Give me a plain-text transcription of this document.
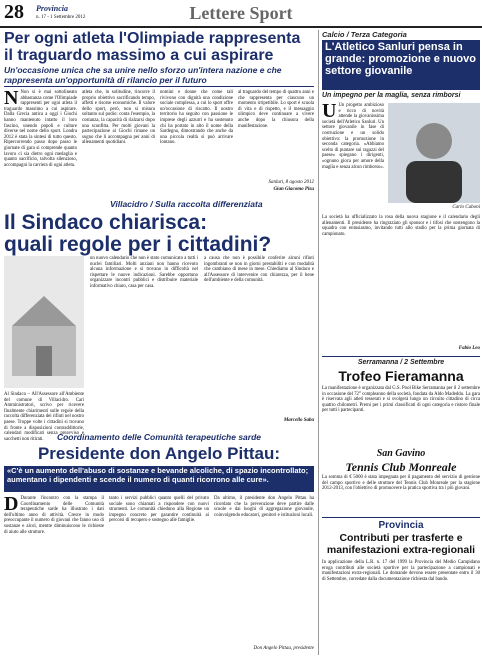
28 Provincia
n. 17 - 1 Settembre 2012	Lettere Sport
Per ogni atleta l'Olimpiade rappresenta
il traguardo massimo a cui aspirare
Un'occasione unica che sa unire nello sforzo un'intera nazione e che rappresenta un'opportunità di rilancio per il futuro
N Non si è mai sottolineato abbastanza come l'Olimpiade rappresenti per ogni atleta il traguardo massimo a cui aspirare. Dalla Grecia antica a oggi i Giochi hanno mantenuto intatto il loro fascino, unendo popoli e culture diverse nel nome dello sport. Londra 2012 è stata la sintesi di tutto questo. Ripercorrendo passo dopo passo le giornate di gara si comprende quanto lavoro ci sia dietro ogni medaglia e quanto sacrificio, talvolta silenzioso, accompagni la carriera di ogni atleta.
atleta che, in solitudine, rincorre il proprio obiettivo sacrificando tempo, affetti e risorse economiche. Il valore dello sport, però, non si misura soltanto sul podio: conta l'esempio, la costanza, la capacità di rialzarsi dopo una sconfitta. Per molti giovani la partecipazione ai Giochi rimane un sogno che li accompagna per anni di allenamenti quotidiani.
nomini e donne che come tali rivivono con dignità una condizione sociale complessa, a cui lo sport offre un'occasione di riscatto. Il nostro territorio ha seguito con passione le imprese degli azzurri e ha sostenuto chi ha portato in alto il nome della Sardegna, dimostrando che anche da una piccola realtà si può arrivare lontano.
al traguardo del tempo di quattro anni e che rappresenta per ciascuno un momento irripetibile. Lo sport è scuola di vita e di rispetto, e il messaggio olimpico deve continuare a vivere anche dopo la chiusura della manifestazione.
Sanluri, 8 agosto 2012
Gian Giacomo Pisu
Villacidro / Sulla raccolta differenziata
Il Sindaco chiarisca:
quali regole per i cittadini?
Al Sindaco – All'Assessore all'Ambiente del comune di Villacidro. Cari Amministratori, scrivo per ricevere finalmente chiarimenti sulle regole della raccolta differenziata dei rifiuti nel nostro paese. Troppe volte i cittadini si trovano di fronte a disposizioni contraddittorie, calendari modificati senza preavviso e sacchetti non ritirati.
un nuovo calendario che non è stato comunicato a tutti i nuclei familiari. Molti anziani non hanno ricevuto alcuna informazione e si trovano in difficoltà nel rispettare le nuove indicazioni. Sarebbe opportuno organizzare incontri pubblici e distribuire materiale informativo chiaro, casa per casa.
a causa che non è possibile conferire alcuni rifiuti ingombranti se non in giorni prestabiliti e con modalità che cambiano di mese in mese. Chiediamo al Sindaco e all'Assessore di intervenire con chiarezza, per il bene dell'ambiente e della comunità.
Marcello Saba
Coordinamento delle Comunità terapeutiche sarde
Presidente don Angelo Pittau:
«C'è un aumento dell'abuso di sostanze e bevande alcoliche, di spazio incontrollato; aumentano i dipendenti e scende il numero di quanti ricorrono alle cure».
D Durante l'incontro con la stampa il Coordinamento delle Comunità terapeutiche sarde ha illustrato i dati dell'ultimo anno di attività. Cresce in modo preoccupante il numero di giovani che fanno uso di sostanze e alcol, mentre diminuiscono le richieste di aiuto alle strutture.
tanto i servizi pubblici quanto quelli del privato sociale sono chiamati a rispondere con nuovi strumenti. Le comunità chiedono alla Regione un impegno concreto per garantire continuità ai percorsi di recupero e sostegno alle famiglie.
Da ultimo, il presidente don Angelo Pittau ha ricordato che la prevenzione deve partire dalle scuole e dai luoghi di aggregazione giovanile, coinvolgendo educatori, genitori e istituzioni locali.
Don Angelo Pittau, presidente
Calcio / Terza Categoria
L'Atletico Sanluri pensa in grande: promozione e nuovo settore giovanile
Un impegno per la maglia, senza rimborsi
U Un progetto ambizioso e ricco di novità attende la giovanissima società dell'Atletico Sanluri. Un settore giovanile in fase di costruzione e un solido obiettivo: la promozione in seconda categoria. «Abbiamo scelto di puntare sui ragazzi del paese» spiegano i dirigenti, «ognuno gioca per amore della maglia e senza alcun rimborso».
Carlo Caboni
La società ha ufficializzato la rosa della nuova stagione e il calendario degli allenamenti. Il presidente ha ringraziato gli sponsor e i tifosi che sostengono la squadra con entusiasmo, invitando tutti allo stadio per la prima giornata di campionato.
Fabio Leo
Serramanna / 2 Settembre
Trofeo Fieramanna
La manifestazione è organizzata dal G.S. Pool Bike Serramanna per il 2 settembre in occasione del 72° compleanno della società, fondata da Aldo Madeddu. La gara è riservata agli atleti tesserati e si svolgerà lungo un circuito cittadino di circa quattro chilometri. Premi per i primi classificati di ogni categoria e ristoro finale per tutti i partecipanti.
San Gavino
Tennis Club Monreale
La somma di € 5000 è stata impegnata per il pagamento del servizio di gestione del campo sportivo e delle strutture del Tennis Club Monreale per la stagione 2012-2013, con l'obiettivo di promuovere la pratica sportiva tra i più giovani.
Provincia
Contributi per trasferte e
manifestazioni extra-regionali
In applicazione della L.R. n. 17 del 1999 la Provincia del Medio Campidano eroga contributi alle società sportive per la partecipazione a campionati e manifestazioni extra-regionali. Le domande devono essere presentate entro il 30 di Settembre, corredate dalla documentazione richiesta dal bando.
